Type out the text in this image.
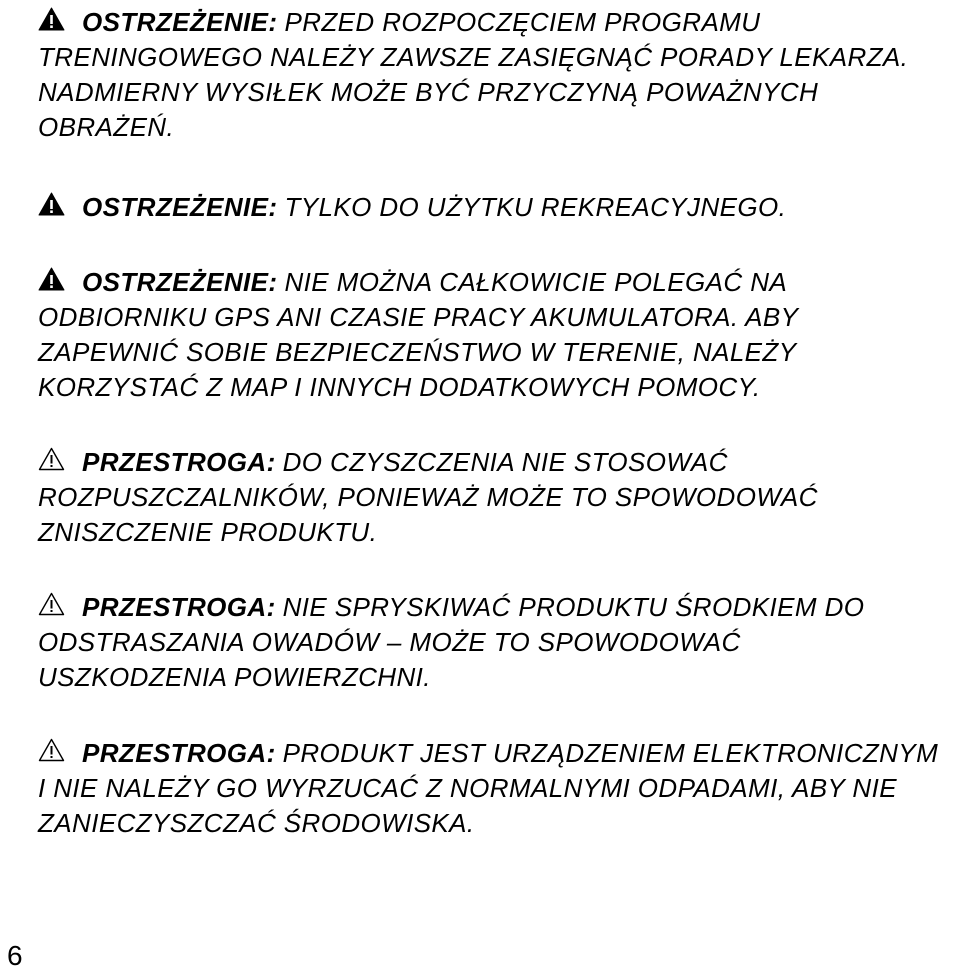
OSTRZEŻENIE: PRZED ROZPOCZĘCIEM PROGRAMU
TRENINGOWEGO NALEŻY ZAWSZE ZASIĘGNĄĆ PORADY LEKARZA.
NADMIERNY WYSIŁEK MOŻE BYĆ PRZYCZYNĄ POWAŻNYCH
OBRAŻEŃ.
OSTRZEŻENIE: TYLKO DO UŻYTKU REKREACYJNEGO.
OSTRZEŻENIE: NIE MOŻNA CAŁKOWICIE POLEGAĆ NA
ODBIORNIKU GPS ANI CZASIE PRACY AKUMULATORA. ABY
ZAPEWNIĆ SOBIE BEZPIECZEŃSTWO W TERENIE, NALEŻY
KORZYSTAĆ Z MAP I INNYCH DODATKOWYCH POMOCY.
PRZESTROGA: DO CZYSZCZENIA NIE STOSOWAĆ
ROZPUSZCZALNIKÓW, PONIEWAŻ MOŻE TO SPOWODOWAĆ
ZNISZCZENIE PRODUKTU.
PRZESTROGA: NIE SPRYSKIWAĆ PRODUKTU ŚRODKIEM DO
ODSTRASZANIA OWADÓW – MOŻE TO SPOWODOWAĆ
USZKODZENIA POWIERZCHNI.
PRZESTROGA: PRODUKT JEST URZĄDZENIEM ELEKTRONICZNYM
I NIE NALEŻY GO WYRZUCAĆ Z NORMALNYMI ODPADAMI, ABY NIE
ZANIECZYSZCZAĆ ŚRODOWISKA.
6
